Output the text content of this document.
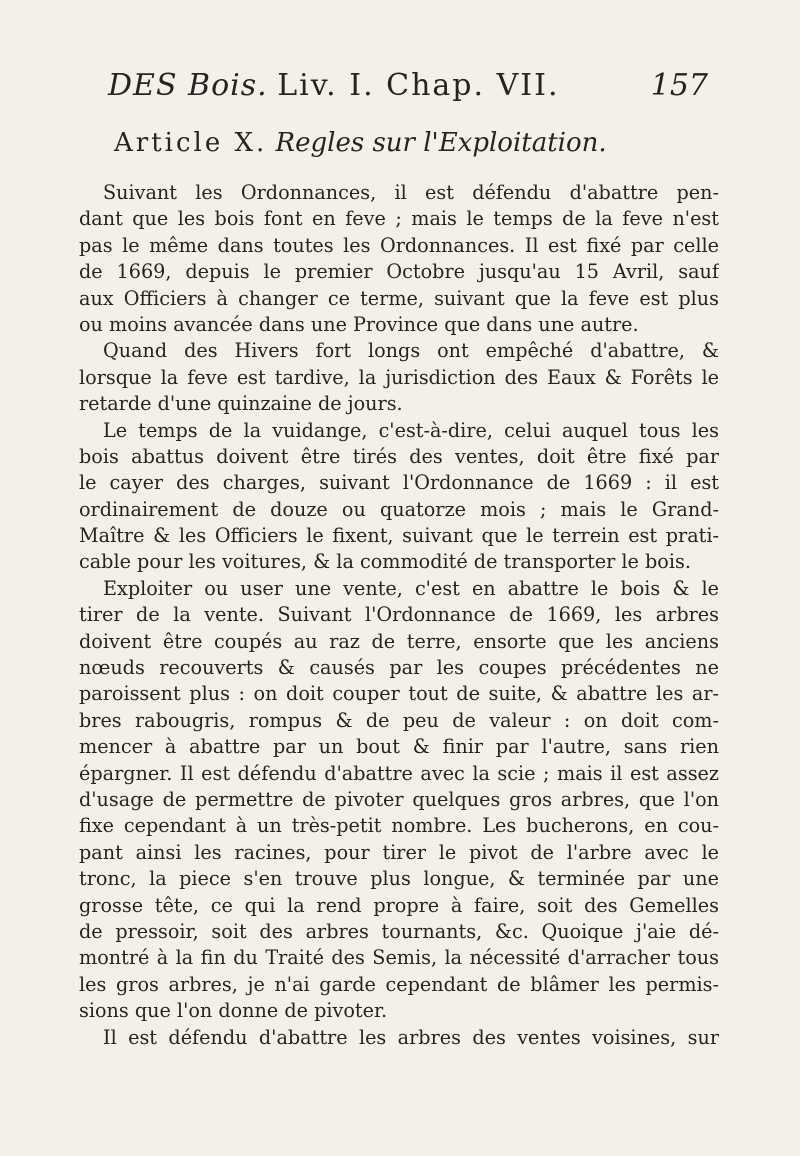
DES Bois. Liv. I. Chap. VII.	157
Article X. Regles sur l'Exploitation.
Suivant les Ordonnances, il est défendu d'abattre pen-
dant que les bois font en feve ; mais le temps de la feve n'est
pas le même dans toutes les Ordonnances. Il est fixé par celle
de 1669, depuis le premier Octobre jusqu'au 15 Avril, sauf
aux Officiers à changer ce terme, suivant que la feve est plus
ou moins avancée dans une Province que dans une autre.
Quand des Hivers fort longs ont empêché d'abattre, &
lorsque la feve est tardive, la jurisdiction des Eaux & Forêts le
retarde d'une quinzaine de jours.
Le temps de la vuidange, c'est-à-dire, celui auquel tous les
bois abattus doivent être tirés des ventes, doit être fixé par
le cayer des charges, suivant l'Ordonnance de 1669 : il est
ordinairement de douze ou quatorze mois ; mais le Grand-
Maître & les Officiers le fixent, suivant que le terrein est prati-
cable pour les voitures, & la commodité de transporter le bois.
Exploiter ou user une vente, c'est en abattre le bois & le
tirer de la vente. Suivant l'Ordonnance de 1669, les arbres
doivent être coupés au raz de terre, ensorte que les anciens
nœuds recouverts & causés par les coupes précédentes ne
paroissent plus : on doit couper tout de suite, & abattre les ar-
bres rabougris, rompus & de peu de valeur : on doit com-
mencer à abattre par un bout & finir par l'autre, sans rien
épargner. Il est défendu d'abattre avec la scie ; mais il est assez
d'usage de permettre de pivoter quelques gros arbres, que l'on
fixe cependant à un très-petit nombre. Les bucherons, en cou-
pant ainsi les racines, pour tirer le pivot de l'arbre avec le
tronc, la piece s'en trouve plus longue, & terminée par une
grosse tête, ce qui la rend propre à faire, soit des Gemelles
de pressoir, soit des arbres tournants, &c. Quoique j'aie dé-
montré à la fin du Traité des Semis, la nécessité d'arracher tous
les gros arbres, je n'ai garde cependant de blâmer les permis-
sions que l'on donne de pivoter.
Il est défendu d'abattre les arbres des ventes voisines, sur
